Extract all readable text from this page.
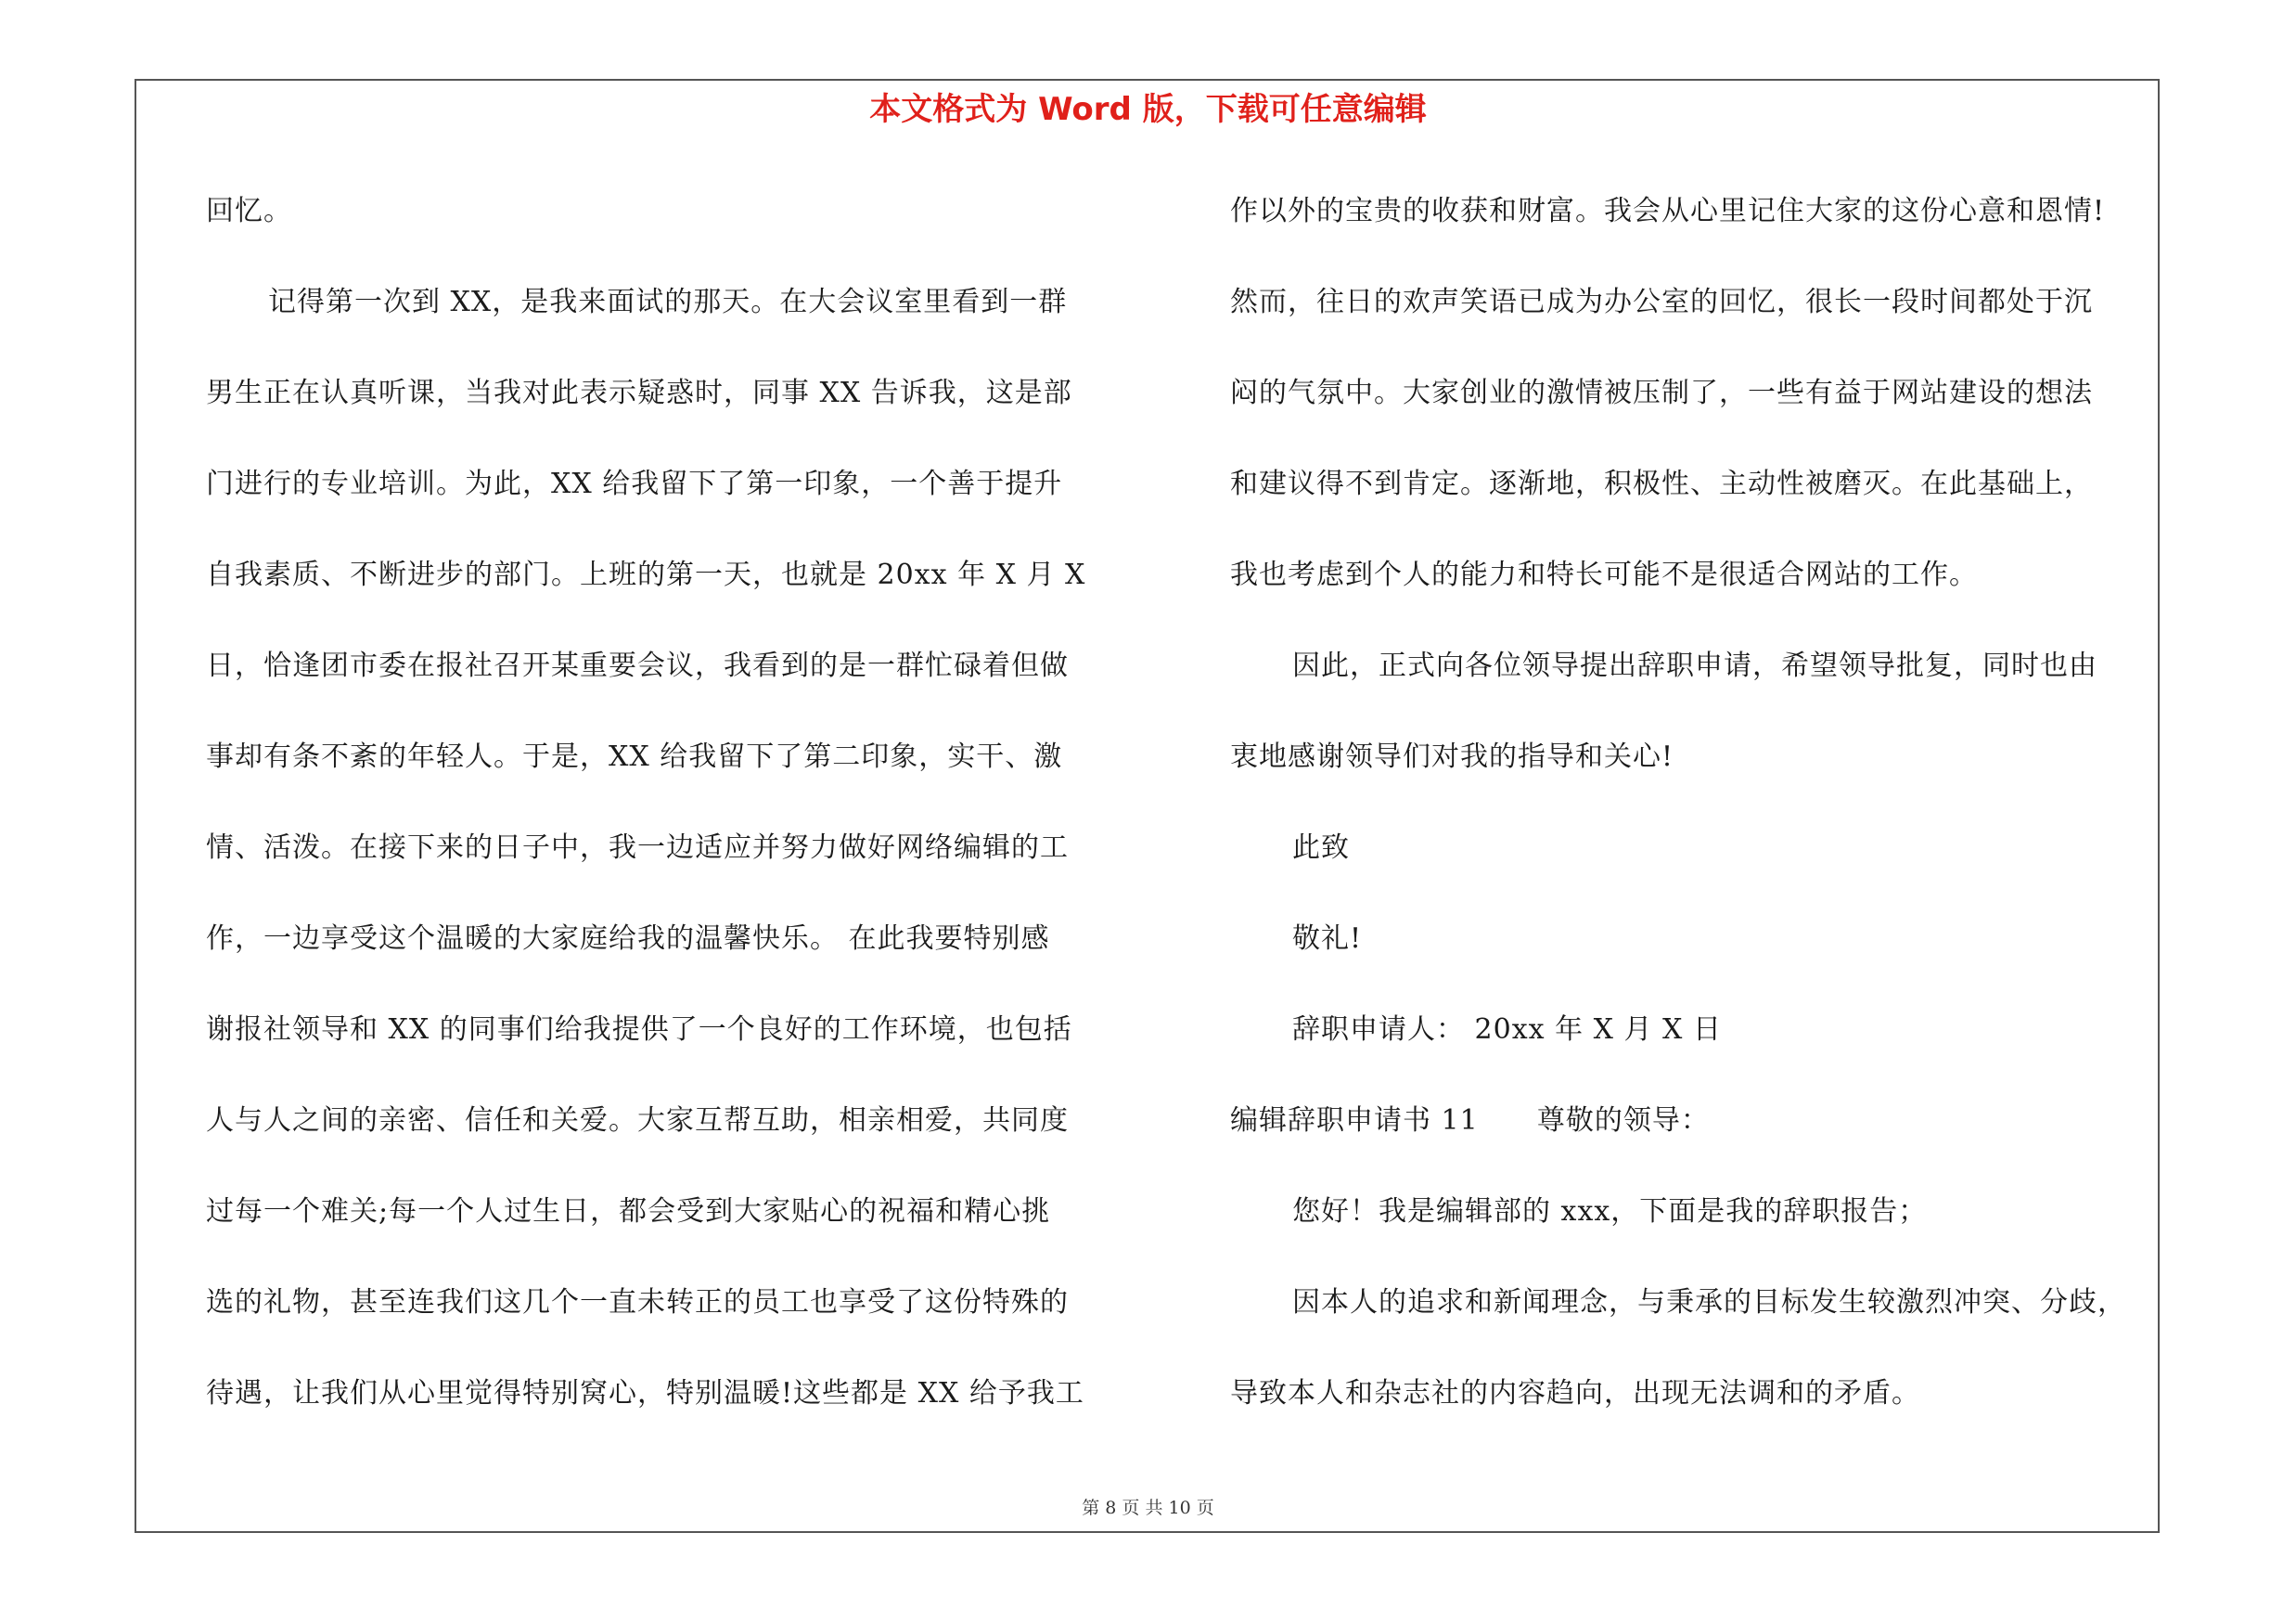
本文格式为 Word 版，下载可任意编辑
回忆。
记得第一次到 XX，是我来面试的那天。在大会议室里看到一群
男生正在认真听课，当我对此表示疑惑时，同事 XX 告诉我，这是部
门进行的专业培训。为此，XX 给我留下了第一印象，一个善于提升
自我素质、不断进步的部门。上班的第一天，也就是 20xx 年 X 月 X
日，恰逢团市委在报社召开某重要会议，我看到的是一群忙碌着但做
事却有条不紊的年轻人。于是，XX 给我留下了第二印象，实干、激
情、活泼。在接下来的日子中，我一边适应并努力做好网络编辑的工
作，一边享受这个温暖的大家庭给我的温馨快乐。 在此我要特别感
谢报社领导和 XX 的同事们给我提供了一个良好的工作环境，也包括
人与人之间的亲密、信任和关爱。大家互帮互助，相亲相爱，共同度
过每一个难关;每一个人过生日，都会受到大家贴心的祝福和精心挑
选的礼物，甚至连我们这几个一直未转正的员工也享受了这份特殊的
待遇，让我们从心里觉得特别窝心，特别温暖!这些都是 XX 给予我工
作以外的宝贵的收获和财富。我会从心里记住大家的这份心意和恩情!
然而，往日的欢声笑语已成为办公室的回忆，很长一段时间都处于沉
闷的气氛中。大家创业的激情被压制了，一些有益于网站建设的想法
和建议得不到肯定。逐渐地，积极性、主动性被磨灭。在此基础上，
我也考虑到个人的能力和特长可能不是很适合网站的工作。
因此，正式向各位领导提出辞职申请，希望领导批复，同时也由
衷地感谢领导们对我的指导和关心!
此致
敬礼!
辞职申请人： 20xx 年 X 月 X 日
编辑辞职申请书 11      尊敬的领导：
您好！我是编辑部的 xxx，下面是我的辞职报告；
因本人的追求和新闻理念，与秉承的目标发生较激烈冲突、分歧，
导致本人和杂志社的内容趋向，出现无法调和的矛盾。
第 8 页 共 10 页
